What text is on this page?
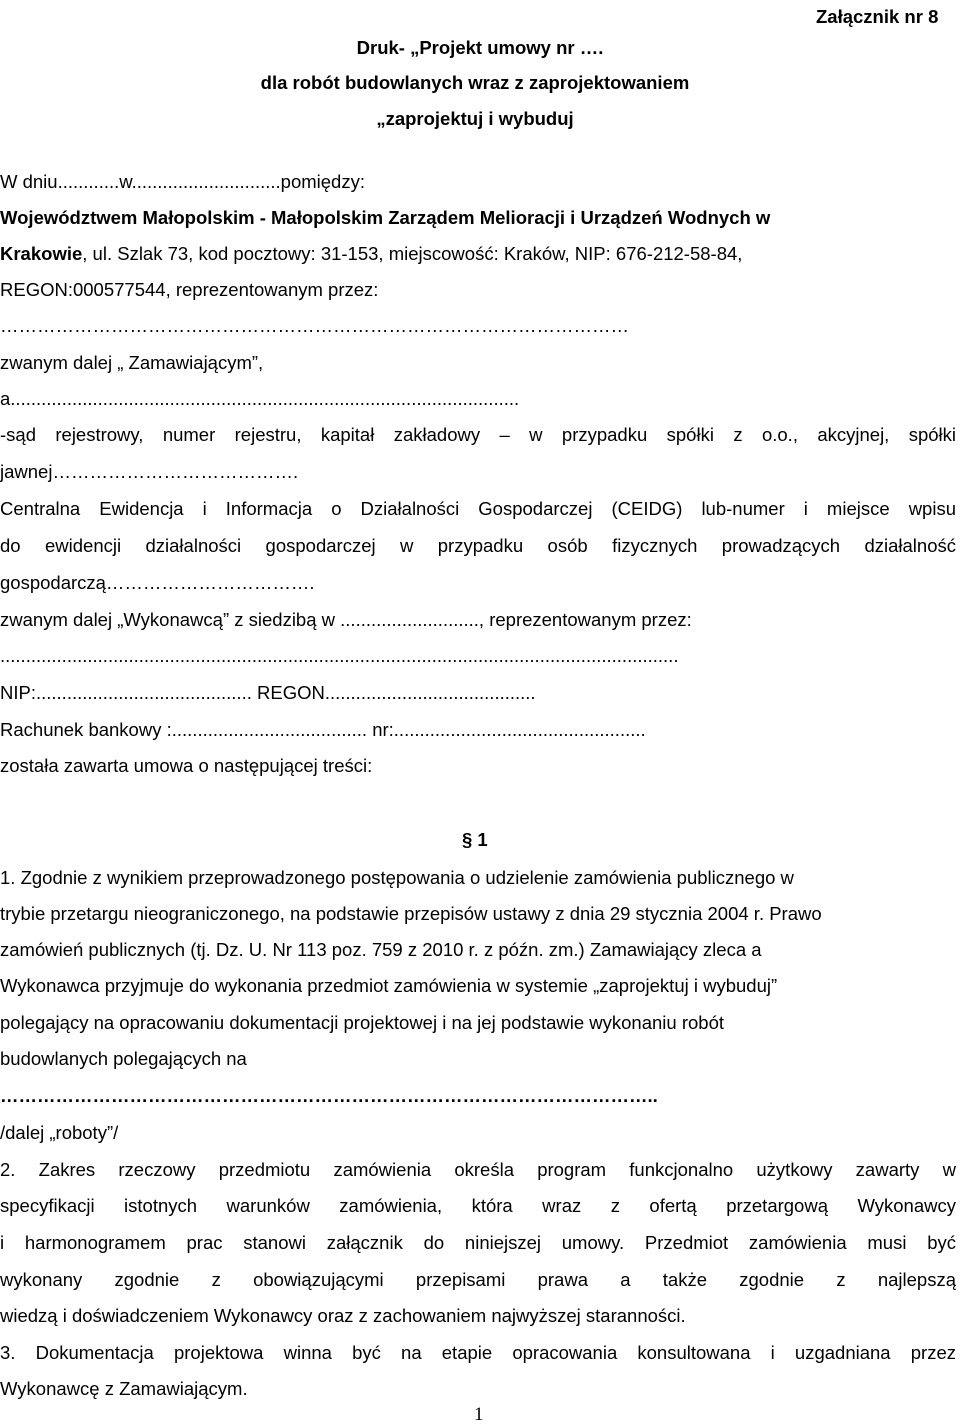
Załącznik nr 8
Druk- „Projekt umowy nr ….
dla robót budowlanych wraz z zaprojektowaniem
„zaprojektuj i wybuduj
W dniu............w.............................pomiędzy:
Województwem Małopolskim - Małopolskim Zarządem Melioracji i Urządzeń Wodnych w
Krakowie, ul. Szlak 73, kod pocztowy: 31-153, miejscowość: Kraków, NIP: 676-212-58-84,
REGON:000577544, reprezentowanym przez:
…………………………………………………………………………………………
zwanym dalej „ Zamawiającym”,
a...................................................................................................
-sąd rejestrowy, numer rejestru, kapitał zakładowy – w przypadku spółki z o.o., akcyjnej, spółki
jawnej………………………………….
Centralna Ewidencja i Informacja o Działalności Gospodarczej (CEIDG) lub-numer i miejsce wpisu
do ewidencji działalności gospodarczej w przypadku osób fizycznych prowadzących działalność
gospodarczą…………………………….
zwanym dalej „Wykonawcą” z siedzibą w ..........................., reprezentowanym przez:
....................................................................................................................................
NIP:.......................................... REGON.........................................
Rachunek bankowy :...................................... nr:.................................................
została zawarta umowa o następującej treści:
§ 1
1. Zgodnie z wynikiem przeprowadzonego postępowania o udzielenie zamówienia publicznego w
trybie przetargu nieograniczonego, na podstawie przepisów ustawy z dnia 29 stycznia 2004 r. Prawo
zamówień publicznych (tj. Dz. U. Nr 113 poz. 759 z 2010 r. z późn. zm.) Zamawiający zleca a
Wykonawca przyjmuje do wykonania przedmiot zamówienia w systemie „zaprojektuj i wybuduj”
polegający na opracowaniu dokumentacji projektowej i na jej podstawie wykonaniu robót
budowlanych polegających na
……………………………………………………………………………………………..
/dalej „roboty”/
2. Zakres rzeczowy przedmiotu zamówienia określa program funkcjonalno użytkowy zawarty w
specyfikacji istotnych warunków zamówienia, która wraz z ofertą przetargową Wykonawcy
i harmonogramem prac stanowi załącznik do niniejszej umowy. Przedmiot zamówienia musi być
wykonany zgodnie z obowiązującymi przepisami prawa a także zgodnie z najlepszą
wiedzą i doświadczeniem Wykonawcy oraz z zachowaniem najwyższej staranności.
3. Dokumentacja projektowa winna być na etapie opracowania konsultowana i uzgadniana przez
Wykonawcę z Zamawiającym.
1
